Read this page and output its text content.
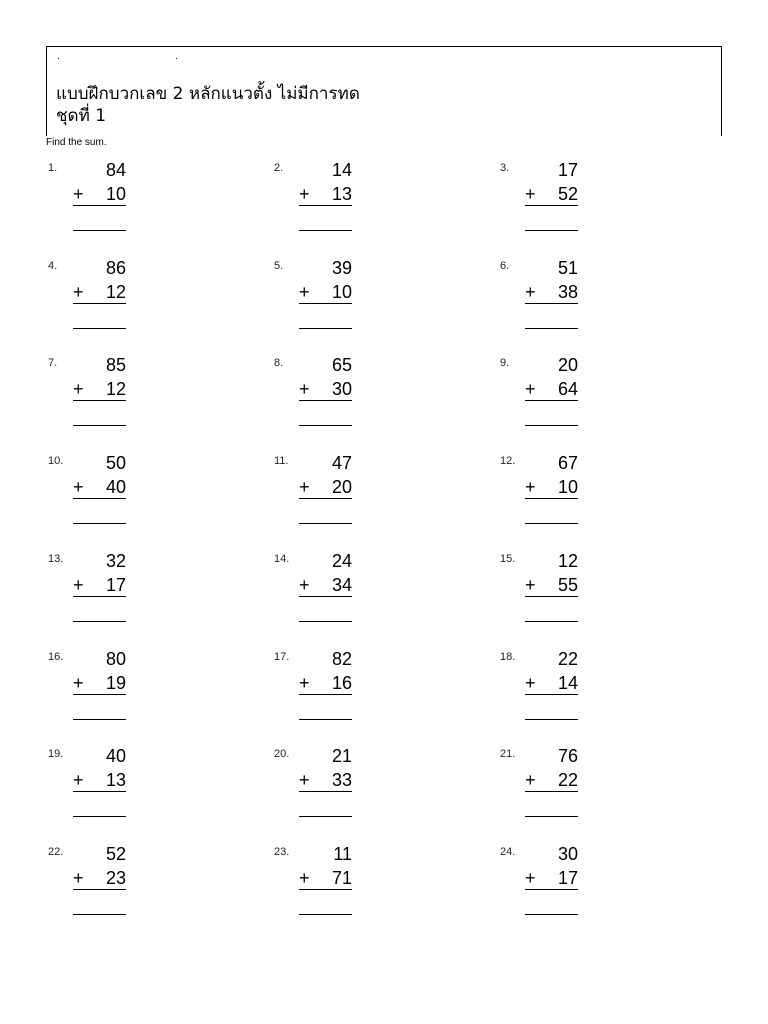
.	.
แบบฝึกบวกเลข 2 หลักแนวตั้ง ไม่มีการทด
ชุดที่ 1
Find the sum.
1.	84
+ 10
2.	14
+ 13
3.	17
+ 52
4.	86
+ 12
5.	39
+ 10
6.	51
+ 38
7.	85
+ 12
8.	65
+ 30
9.	20
+ 64
10.	50
+ 40
11.	47
+ 20
12.	67
+ 10
13.	32
+ 17
14.	24
+ 34
15.	12
+ 55
16.	80
+ 19
17.	82
+ 16
18.	22
+ 14
19.	40
+ 13
20.	21
+ 33
21.	76
+ 22
22.	52
+ 23
23.	11
+ 71
24.	30
+ 17
